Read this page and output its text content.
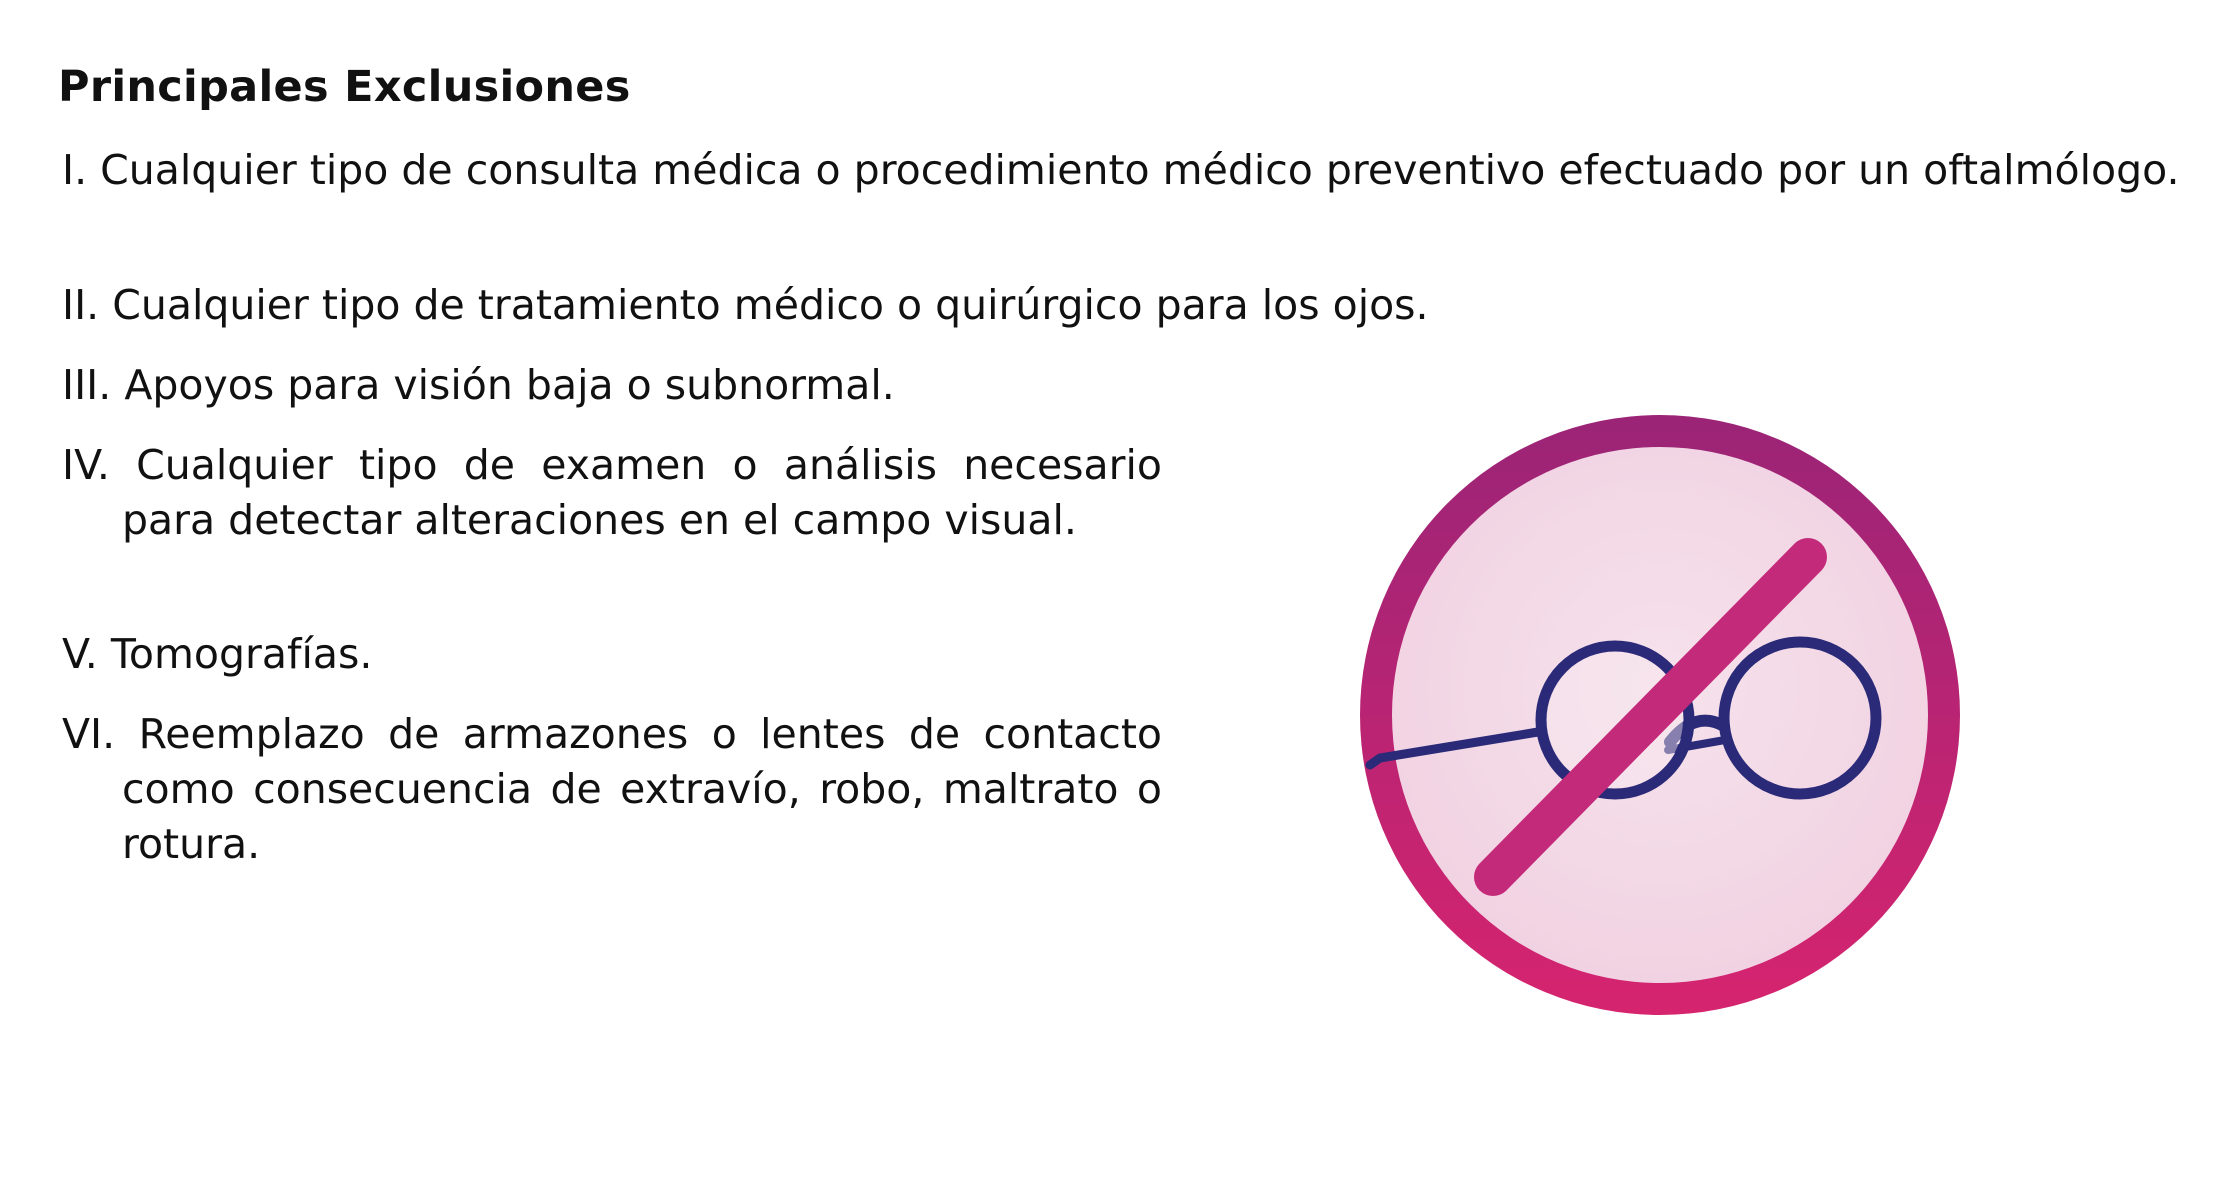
Principales Exclusiones

I. Cualquier tipo de consulta médica o procedimiento médico preventivo efectuado por un oftalmólogo.

II. Cualquier tipo de tratamiento médico o quirúrgico para los ojos.

III. Apoyos para visión baja o subnormal.

IV. Cualquier tipo de examen o análisis necesario para detectar alteraciones en el campo visual.

V. Tomografías.

VI. Reemplazo de armazones o lentes de contacto como consecuencia de extravío, robo, maltrato o rotura.
